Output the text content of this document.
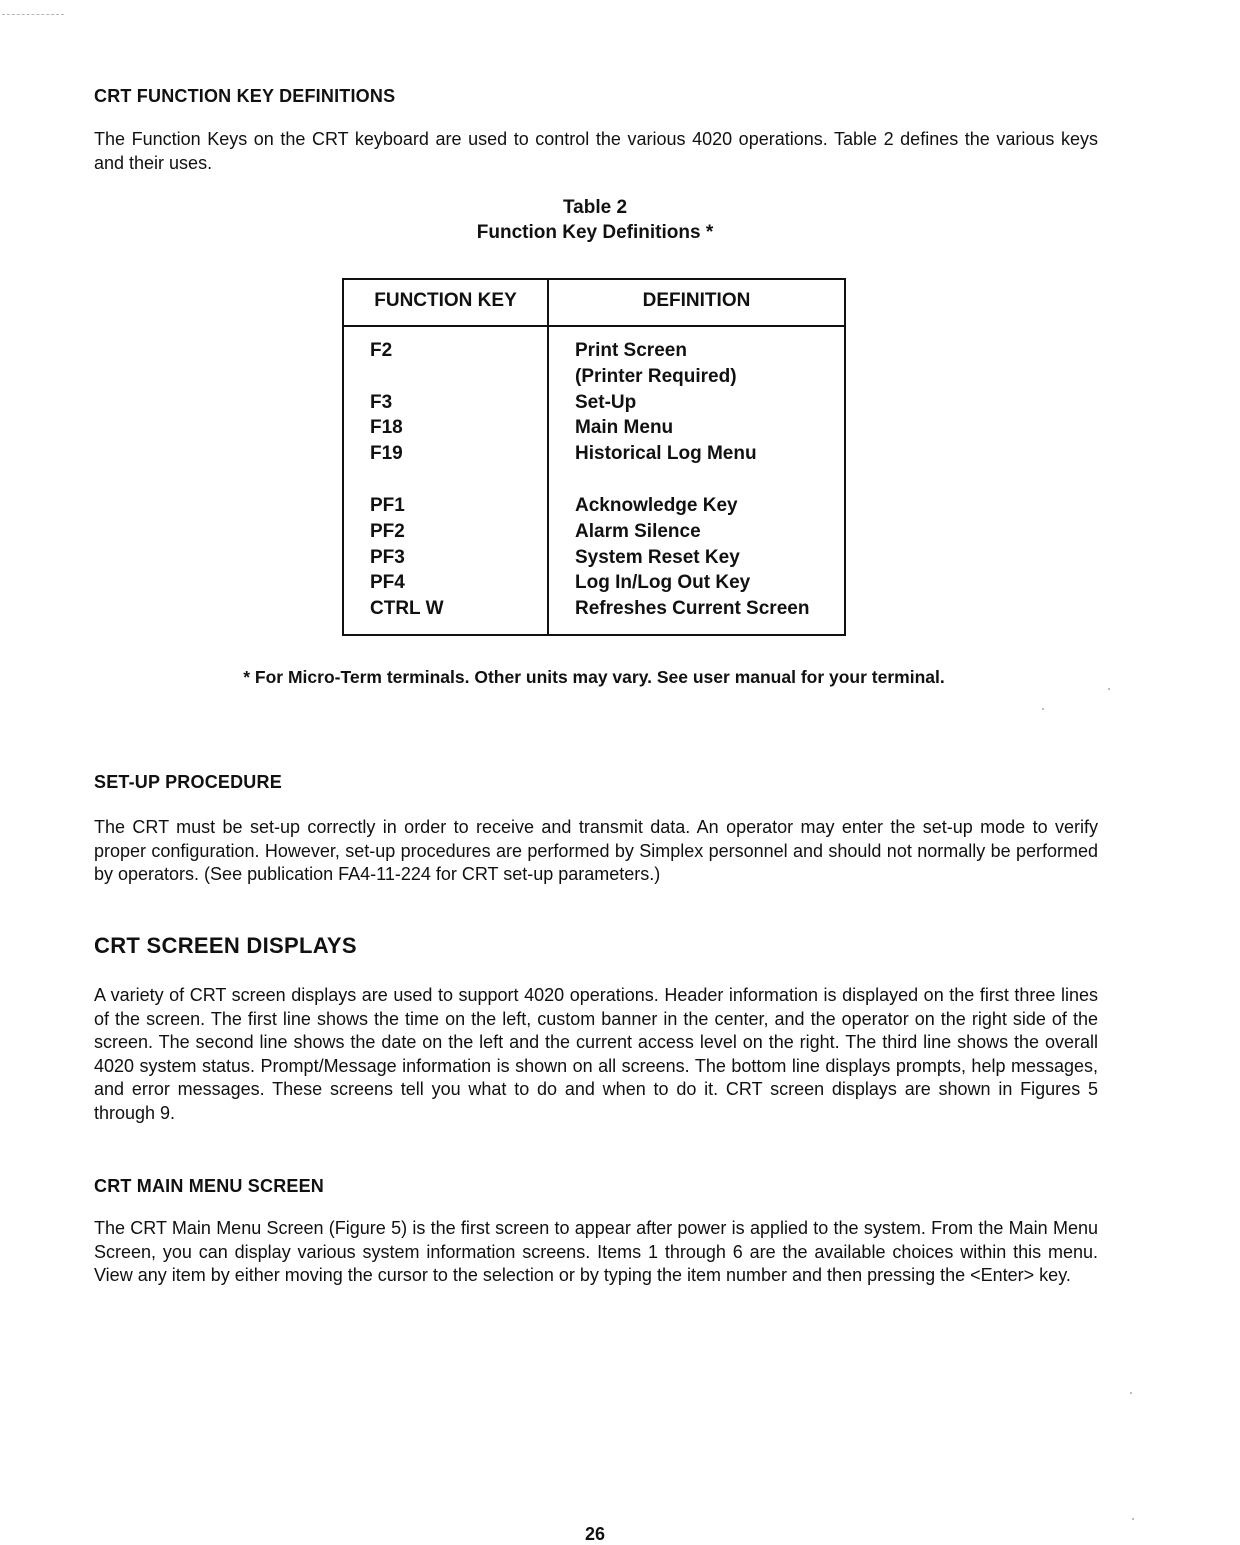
CRT FUNCTION KEY DEFINITIONS

The Function Keys on the CRT keyboard are used to control the various 4020 operations. Table 2 defines the various keys and their uses.

Table 2
Function Key Definitions *
FUNCTION KEY	DEFINITION
F2	Print Screen
(Printer Required)
F3	Set-Up
F18	Main Menu
F19	Historical Log Menu
PF1	Acknowledge Key
PF2	Alarm Silence
PF3	System Reset Key
PF4	Log In/Log Out Key
CTRL W	Refreshes Current Screen
* For Micro-Term terminals. Other units may vary. See user manual for your terminal.
SET-UP PROCEDURE

The CRT must be set-up correctly in order to receive and transmit data. An operator may enter the set-up mode to verify proper configuration. However, set-up procedures are performed by Simplex personnel and should not normally be performed by operators. (See publication FA4-11-224 for CRT set-up parameters.)

CRT SCREEN DISPLAYS

A variety of CRT screen displays are used to support 4020 operations. Header information is displayed on the first three lines of the screen. The first line shows the time on the left, custom banner in the center, and the operator on the right side of the screen. The second line shows the date on the left and the current access level on the right. The third line shows the overall 4020 system status. Prompt/Message information is shown on all screens. The bottom line displays prompts, help messages, and error messages. These screens tell you what to do and when to do it. CRT screen displays are shown in Figures 5 through 9.

CRT MAIN MENU SCREEN

The CRT Main Menu Screen (Figure 5) is the first screen to appear after power is applied to the system. From the Main Menu Screen, you can display various system information screens. Items 1 through 6 are the available choices within this menu. View any item by either moving the cursor to the selection or by typing the item number and then pressing the <Enter> key.

26
